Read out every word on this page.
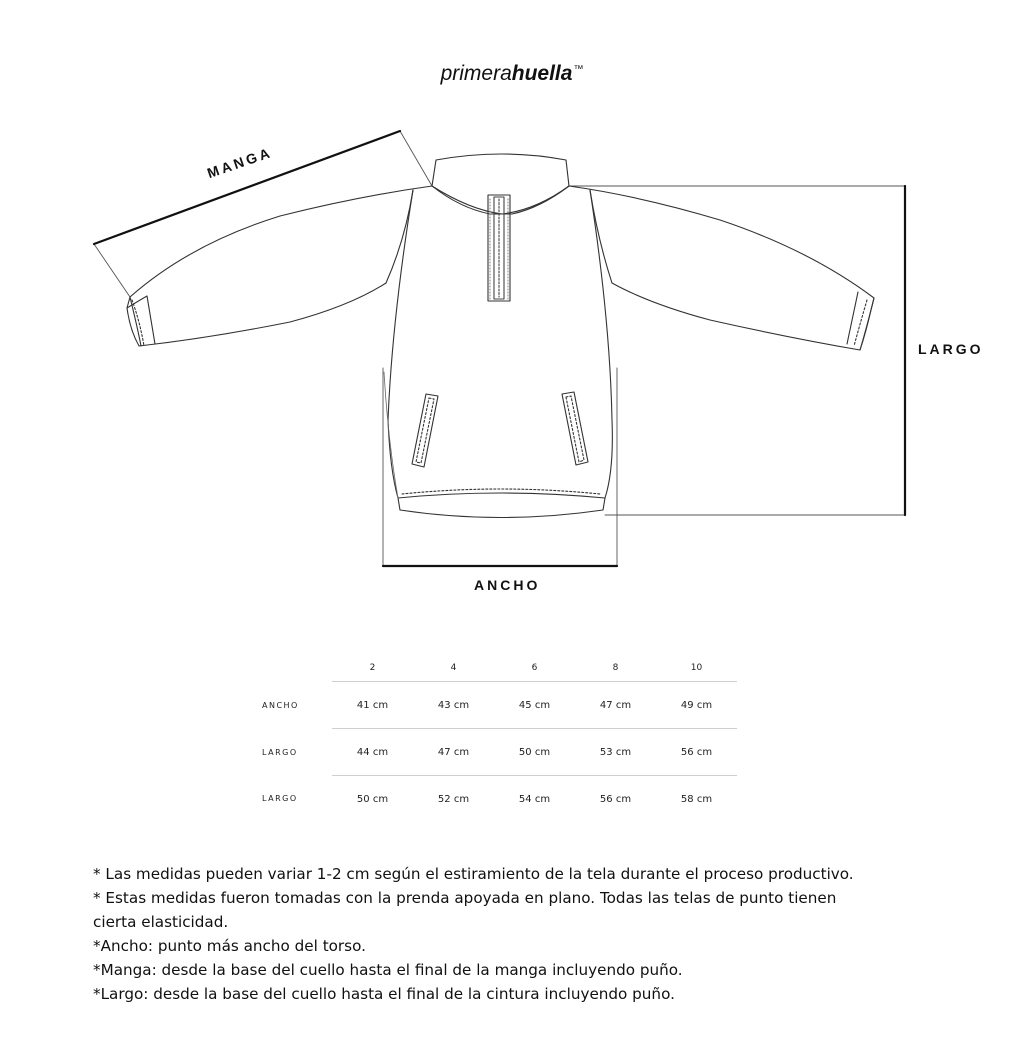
primerahuella™
MANGA
LARGO
ANCHO
	2	4	6	8	10
ANCHO	41 cm	43 cm	45 cm	47 cm	49 cm
LARGO	44 cm	47 cm	50 cm	53 cm	56 cm
LARGO	50 cm	52 cm	54 cm	56 cm	58 cm
* Las medidas pueden variar 1-2 cm según el estiramiento de la tela durante el proceso productivo.
* Estas medidas fueron tomadas con la prenda apoyada en plano. Todas las telas de punto tienen
cierta elasticidad.
*Ancho: punto más ancho del torso.
*Manga: desde la base del cuello hasta el final de la manga incluyendo puño.
*Largo: desde la base del cuello hasta el final de la cintura incluyendo puño.
